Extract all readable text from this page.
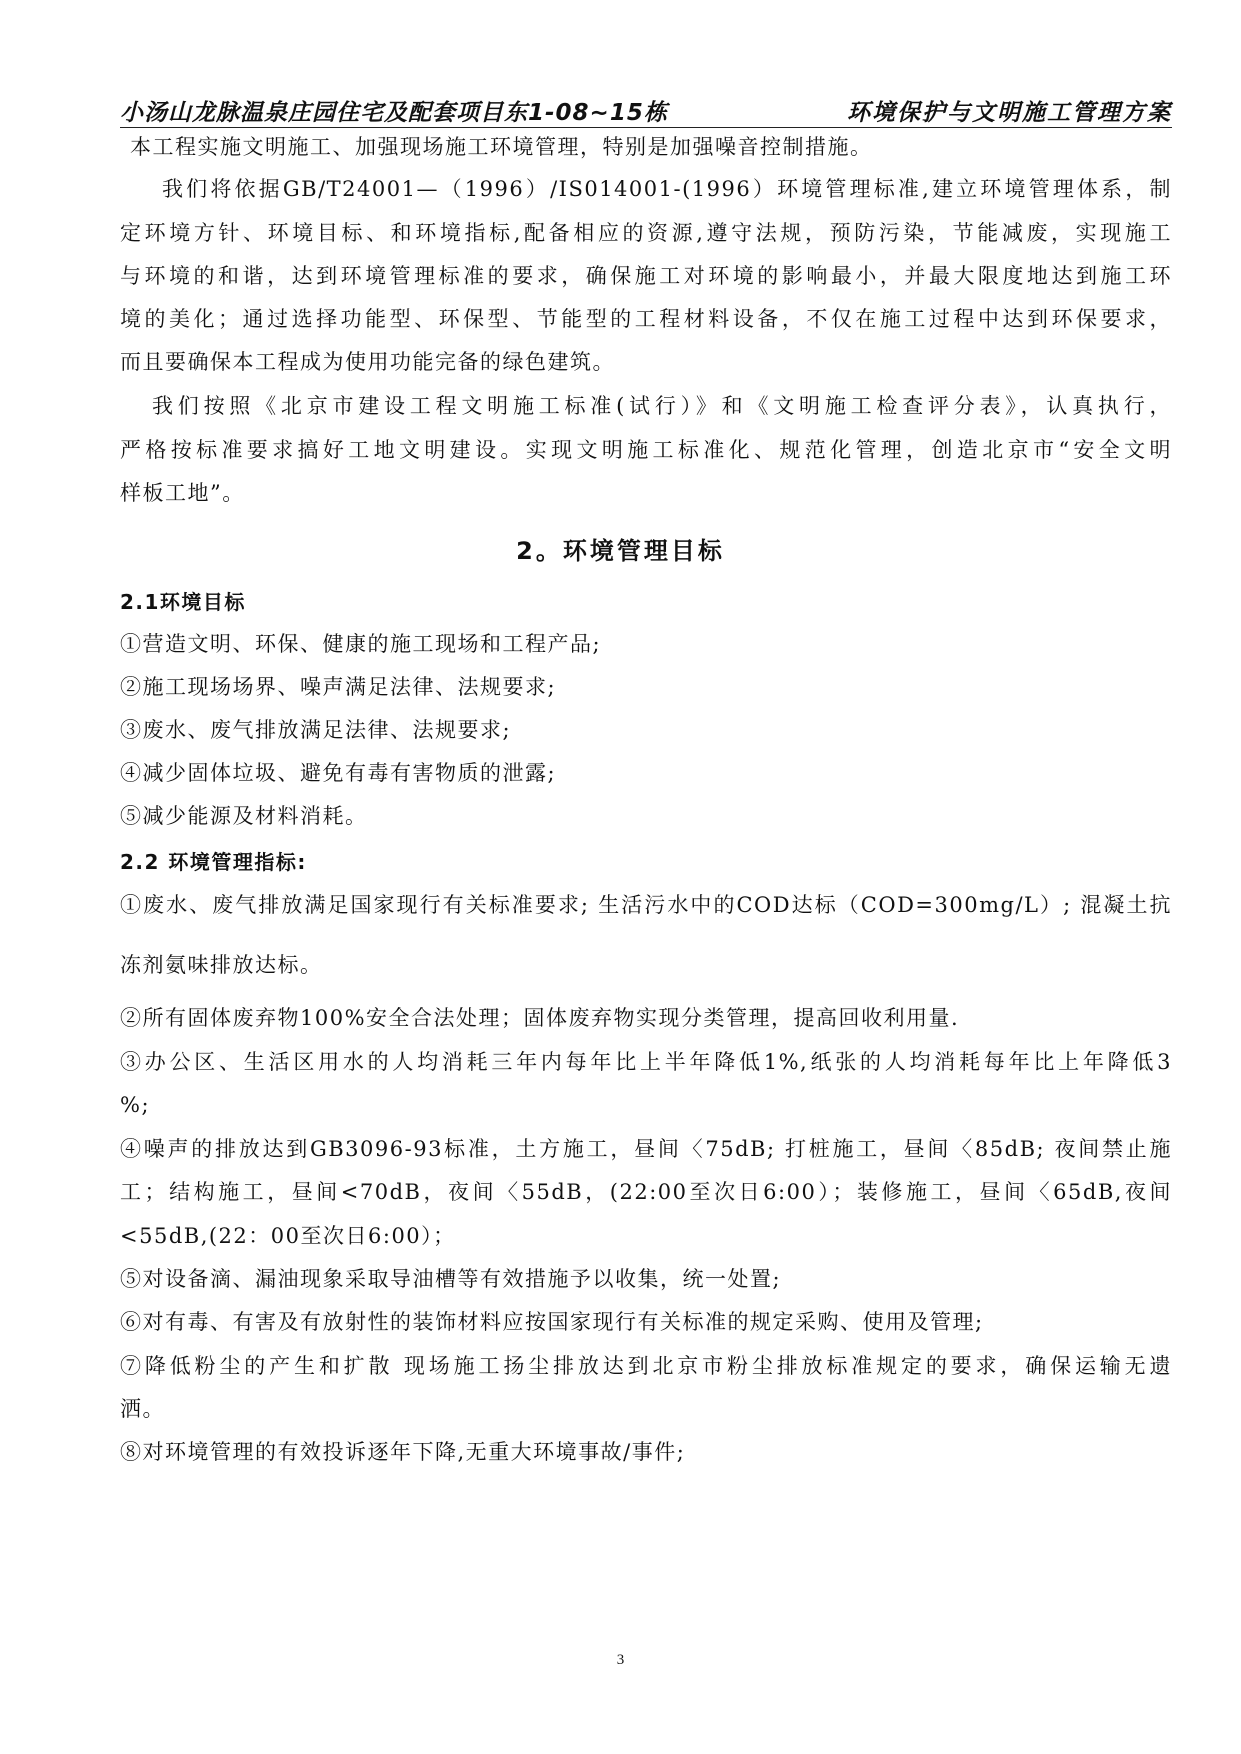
小汤山龙脉温泉庄园住宅及配套项目东1-08~15栋	环境保护与文明施工管理方案
本工程实施文明施工、加强现场施工环境管理，特别是加强噪音控制措施。
我们将依据GB/T24001—（1996）/IS014001-(1996）环境管理标准,建立环境管理体系，制
定环境方针、环境目标、和环境指标,配备相应的资源,遵守法规，预防污染，节能减废，实现施工
与环境的和谐，达到环境管理标准的要求，确保施工对环境的影响最小，并最大限度地达到施工环
境的美化；通过选择功能型、环保型、节能型的工程材料设备，不仅在施工过程中达到环保要求，
而且要确保本工程成为使用功能完备的绿色建筑。
我们按照《北京市建设工程文明施工标准(试行）》和《文明施工检查评分表》，认真执行，
严格按标准要求搞好工地文明建设。实现文明施工标准化、规范化管理，创造北京市“安全文明
样板工地”。
2。环境管理目标
2.1环境目标
①营造文明、环保、健康的施工现场和工程产品;
②施工现场场界、噪声满足法律、法规要求;
③废水、废气排放满足法律、法规要求;
④减少固体垃圾、避免有毒有害物质的泄露;
⑤减少能源及材料消耗。
2.2 环境管理指标:
①废水、废气排放满足国家现行有关标准要求; 生活污水中的COD达标（COD=300mg/L）; 混凝土抗
冻剂氨味排放达标。
②所有固体废弃物100%安全合法处理；固体废弃物实现分类管理，提高回收利用量.
③办公区、生活区用水的人均消耗三年内每年比上半年降低1%,纸张的人均消耗每年比上年降低3
%;
④噪声的排放达到GB3096-93标准，土方施工，昼间〈75dB; 打桩施工，昼间〈85dB; 夜间禁止施
工；结构施工，昼间<70dB，夜间〈55dB，(22:00至次日6:00）；装修施工，昼间〈65dB,夜间
<55dB,(22：00至次日6:00）；
⑤对设备滴、漏油现象采取导油槽等有效措施予以收集，统一处置;
⑥对有毒、有害及有放射性的装饰材料应按国家现行有关标准的规定采购、使用及管理;
⑦降低粉尘的产生和扩散 现场施工扬尘排放达到北京市粉尘排放标准规定的要求，确保运输无遗
洒。
⑧对环境管理的有效投诉逐年下降,无重大环境事故/事件;
3
